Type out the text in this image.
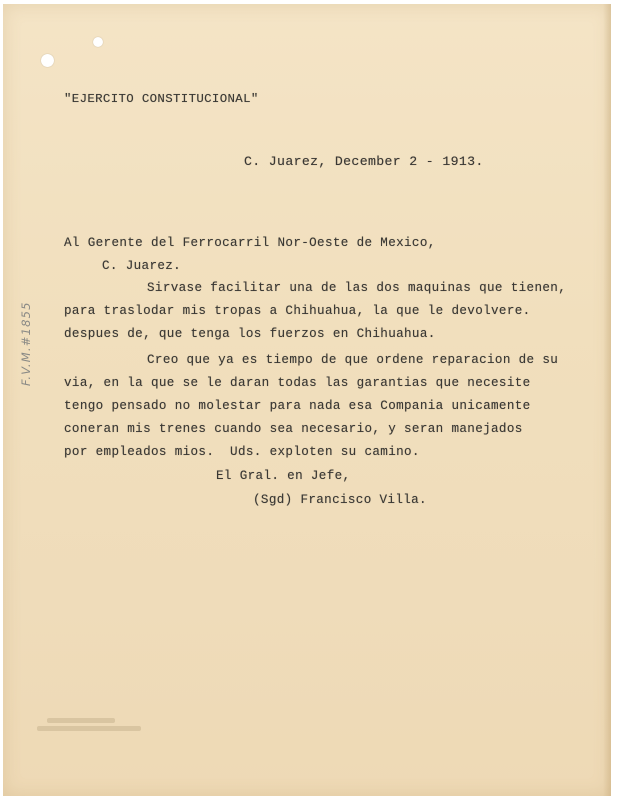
"EJERCITO CONSTITUCIONAL"
C. Juarez, December 2 - 1913.
Al Gerente del Ferrocarril Nor-Oeste de Mexico,
C. Juarez.
Sirvase facilitar una de las dos maquinas que tienen,
para traslodar mis tropas a Chihuahua, la que le devolvere.
despues de, que tenga los fuerzos en Chihuahua.
Creo que ya es tiempo de que ordene reparacion de su
via, en la que se le daran todas las garantias que necesite
tengo pensado no molestar para nada esa Compania unicamente
coneran mis trenes cuando sea necesario, y seran manejados
por empleados mios.  Uds. exploten su camino.
El Gral. en Jefe,
(Sgd) Francisco Villa.
F.V.M.#1855
